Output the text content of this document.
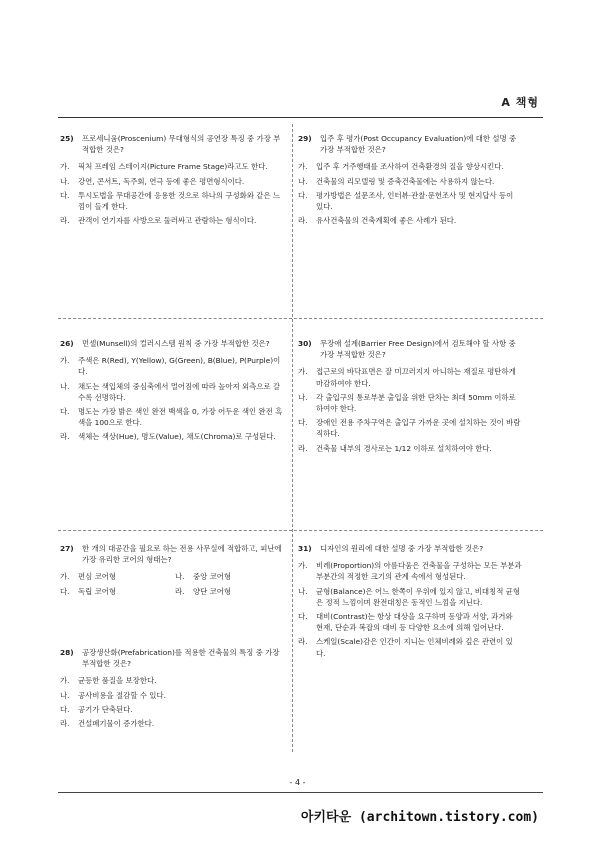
A 책형
25)	프로세니움(Proscenium) 무대형식의 공연장 특징 중 가장 부적합한 것은?
가.	픽처 프레임 스테이지(Picture Frame Stage)라고도 한다.
나.	강연, 콘서트, 독주회, 연극 등에 좋은 평면형식이다.
다.	투시도법을 무대공간에 응용한 것으로 하나의 구성화와 같은 느낌이 들게 한다.
라.	관객이 연기자를 사방으로 둘러싸고 관람하는 형식이다.
26)	먼셀(Munsell)의 컬러시스템 원칙 중 가장 부적합한 것은?
가.	주색은 R(Red), Y(Yellow), G(Green), B(Blue), P(Purple)이다.
나.	채도는 색입체의 중심축에서 멀어짐에 따라 높아져 외측으로 갈수록 선명하다.
다.	명도는 가장 밝은 색인 완전 백색을 0, 가장 어두운 색인 완전 흑색을 100으로 한다.
라.	색체는 색상(Hue), 명도(Value), 채도(Chroma)로 구성된다.
27)	한 개의 대공간을 필요로 하는 전용 사무실에 적합하고, 피난에 가장 유리한 코어의 형태는?
가.	편심 코어형	나.	중앙 코어형
다.	독립 코어형	라.	양단 코어형
28)	공장생산화(Prefabrication)를 적용한 건축물의 특징 중 가장 부적합한 것은?
가.	균등한 품질을 보장한다.
나.	공사비용을 절감할 수 있다.
다.	공기가 단축된다.
라.	건설폐기물이 증가한다.
29)	입주 후 평가(Post Occupancy Evaluation)에 대한 설명 중 가장 부적합한 것은?
가.	입주 후 거주행태를 조사하여 건축환경의 질을 향상시킨다.
나.	건축물의 리모델링 및 증축건축물에는 사용하지 않는다.
다.	평가방법은 설문조사, 인터뷰·관찰·문헌조사 및 현지답사 등이 있다.
라.	유사건축물의 건축계획에 좋은 사례가 된다.
30)	무장애 설계(Barrier Free Design)에서 검토해야 할 사항 중 가장 부적합한 것은?
가.	접근로의 바닥표면은 잘 미끄러지지 아니하는 재질로 평탄하게 마감하여야 한다.
나.	각 출입구의 통로부분 출입을 위한 단차는 최대 50mm 이하로 하여야 한다.
다.	장애인 전용 주차구역은 출입구 가까운 곳에 설치하는 것이 바람직하다.
라.	건축물 내부의 경사로는 1/12 이하로 설치하여야 한다.
31)	디자인의 원리에 대한 설명 중 가장 부적합한 것은?
가.	비례(Proportion)의 아름다움은 건축물을 구성하는 모든 부분과 부분간의 적정한 크기의 관계 속에서 형성된다.
나.	균형(Balance)은 어느 한쪽이 우위에 있지 않고, 비대칭적 균형은 정적 느낌이며 완전대칭은 동적인 느낌을 지닌다.
다.	대비(Contrast)는 항상 대상을 요구하며 동양과 서양, 과거와 현재, 단순과 복잡의 대비 등 다양한 요소에 의해 일어난다.
라.	스케일(Scale)감은 인간이 지니는 인체비례와 깊은 관련이 있다.
- 4 -
아키타운 (architown.tistory.com)
